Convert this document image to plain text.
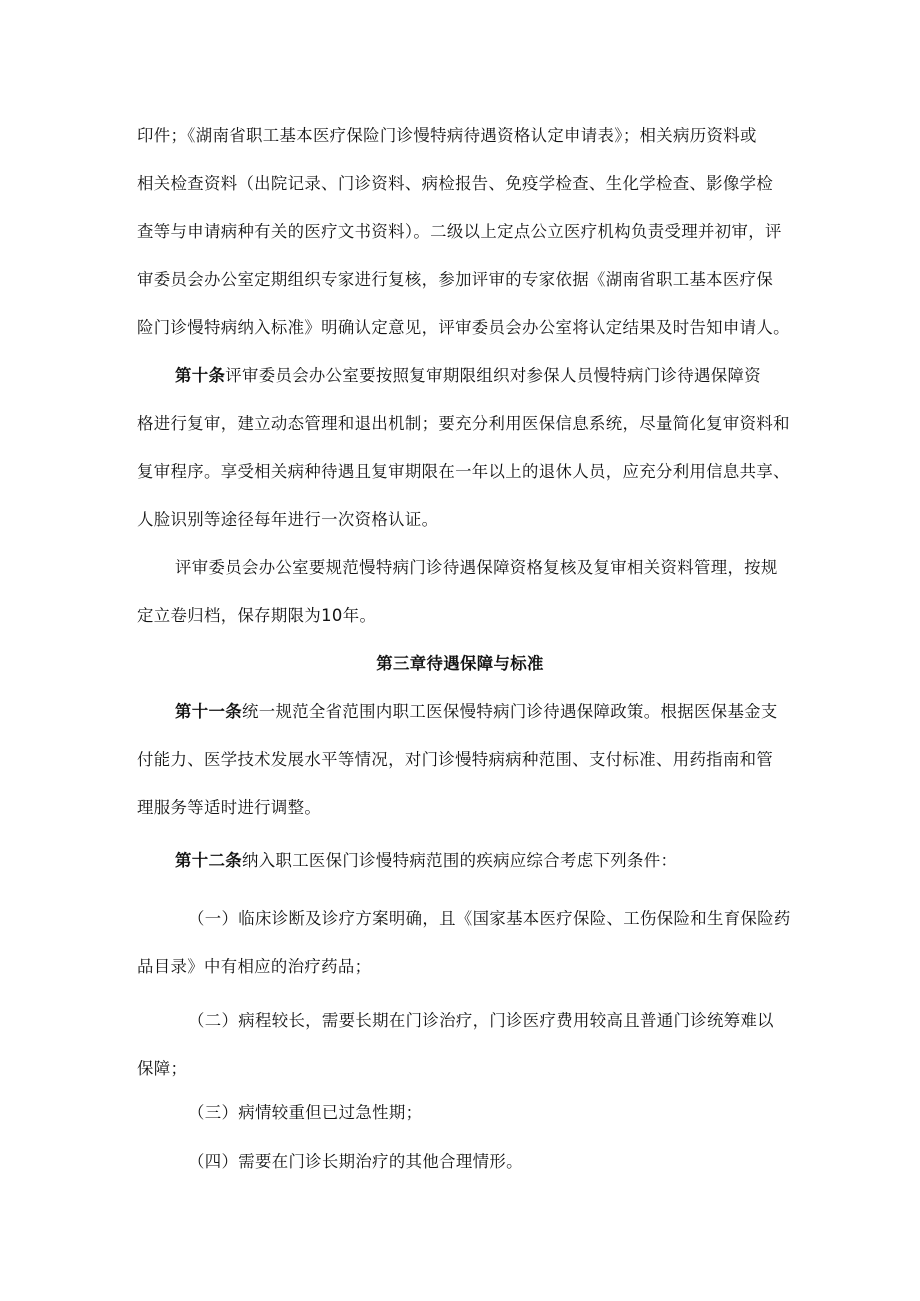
印件；《湖南省职工基本医疗保险门诊慢特病待遇资格认定申请表》；相关病历资料或

相关检查资料（出院记录、门诊资料、病检报告、免疫学检查、生化学检查、影像学检

查等与申请病种有关的医疗文书资料）。二级以上定点公立医疗机构负责受理并初审，评

审委员会办公室定期组织专家进行复核，参加评审的专家依据《湖南省职工基本医疗保

险门诊慢特病纳入标准》明确认定意见，评审委员会办公室将认定结果及时告知申请人。

第十条评审委员会办公室要按照复审期限组织对参保人员慢特病门诊待遇保障资

格进行复审，建立动态管理和退出机制；要充分利用医保信息系统，尽量简化复审资料和

复审程序。享受相关病种待遇且复审期限在一年以上的退休人员，应充分利用信息共享、

人脸识别等途径每年进行一次资格认证。

评审委员会办公室要规范慢特病门诊待遇保障资格复核及复审相关资料管理，按规

定立卷归档，保存期限为10年。

第三章待遇保障与标准

第十一条统一规范全省范围内职工医保慢特病门诊待遇保障政策。根据医保基金支

付能力、医学技术发展水平等情况，对门诊慢特病病种范围、支付标准、用药指南和管

理服务等适时进行调整。

第十二条纳入职工医保门诊慢特病范围的疾病应综合考虑下列条件：

（一）临床诊断及诊疗方案明确，且《国家基本医疗保险、工伤保险和生育保险药

品目录》中有相应的治疗药品；

（二）病程较长，需要长期在门诊治疗，门诊医疗费用较高且普通门诊统筹难以

保障；

（三）病情较重但已过急性期；

（四）需要在门诊长期治疗的其他合理情形。
